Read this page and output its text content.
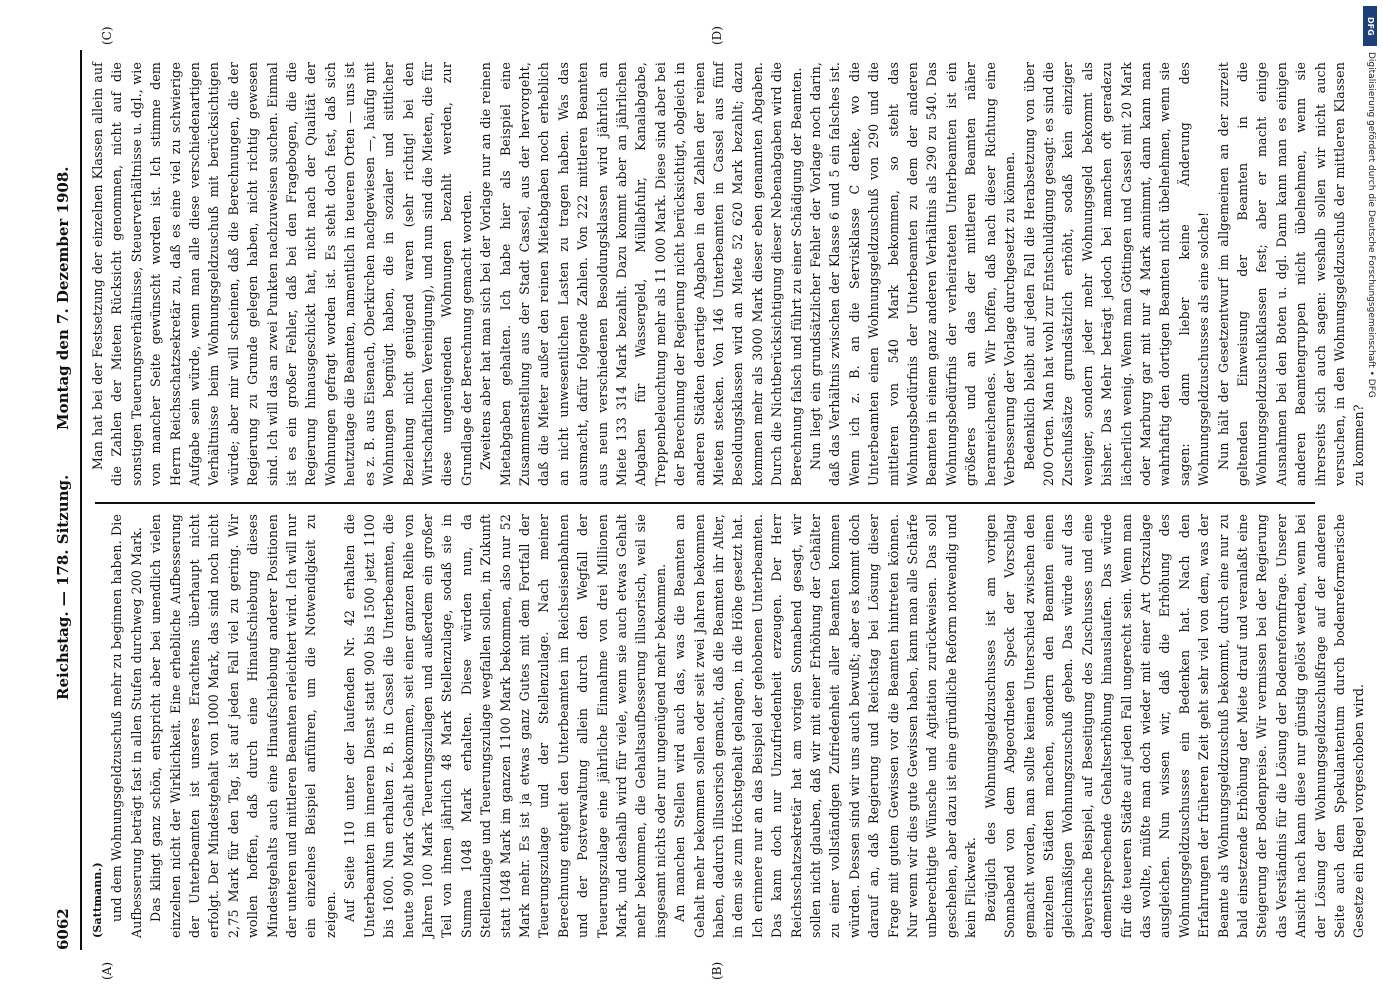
6062
Reichstag. — 178. Sitzung.
Montag den 7. Dezember 1908.
(A)	(B)
(C)	(D)

(Sattmann.) und dem Wohnungsgeldzuschuß mehr zu beginnen haben. Die Aufbesserung beträgt fast in allen Stufen durchweg 200 Mark. Das klingt ganz schön, entspricht aber bei unendlich vielen einzelnen nicht der Wirklichkeit. Eine erhebliche Aufbesserung der Unterbeamten ist unseres Erachtens überhaupt nicht erfolgt. Der Mindestgehalt von 1000 Mark, das sind noch nicht 2,75 Mark für den Tag, ist auf jeden Fall viel zu gering. Wir wollen hoffen, daß durch eine Hinaufschiebung dieses Mindestgehalts auch eine Hinaufschiebung anderer Positionen der unteren und mittleren Beamten erleichtert wird. Ich will nur ein einzelnes Beispiel anführen, um die Notwendigkeit zu zeigen. Auf Seite 110 unter der laufenden Nr. 42 erhalten die Unterbeamten im inneren Dienst statt 900 bis 1500 jetzt 1100 bis 1600. Nun erhalten z. B. in Cassel die Unterbeamten, die heute 900 Mark Gehalt bekommen, seit einer ganzen Reihe von Jahren 100 Mark Teuerungszulagen und außerdem ein großer Teil von ihnen jährlich 48 Mark Stellenzulage, sodaß sie in Summa 1048 Mark erhalten. Diese würden nun, da Stellenzulage und Teuerungszulage wegfallen sollen, in Zukunft statt 1048 Mark im ganzen 1100 Mark bekommen, also nur 52 Mark mehr. Es ist ja etwas ganz Gutes mit dem Fortfall der Teuerungszulage und der Stellenzulage. Nach meiner Berechnung entgeht den Unterbeamten im Reichseisenbahnen und der Postverwaltung allein durch den Wegfall der Teuerungszulage eine jährliche Einnahme von drei Millionen Mark, und deshalb wird für viele, wenn sie auch etwas Gehalt mehr bekommen, die Gehaltsaufbesserung illusorisch, weil sie insgesamt nichts oder nur ungenügend mehr bekommen. An manchen Stellen wird auch das, was die Beamten an Gehalt mehr bekommen sollen oder seit zwei Jahren bekommen haben, dadurch illusorisch gemacht, daß die Beamten ihr Alter, in dem sie zum Höchstgehalt gelangen, in die Höhe gesetzt hat. Ich erinnere nur an das Beispiel der gehobenen Unterbeamten. Das kann doch nur Unzufriedenheit erzeugen. Der Herr Reichsschatzsekretär hat am vorigen Sonnabend gesagt, wir sollen nicht glauben, daß wir mit einer Erhöhung der Gehälter zu einer vollständigen Zufriedenheit aller Beamten kommen würden. Dessen sind wir uns auch bewußt; aber es kommt doch darauf an, daß Regierung und Reichstag bei Lösung dieser Frage mit gutem Gewissen vor die Beamten hintreten können. Nur wenn wir dies gute Gewissen haben, kann man alle Schärfe unberechtigte Wünsche und Agitation zurückweisen. Das soll geschehen, aber dazu ist eine gründliche Reform notwendig und kein Flickwerk. Bezüglich des Wohnungsgeldzuschusses ist am vorigen Sonnabend von dem Abgeordneten Speck der Vorschlag gemacht worden, man sollte keinen Unterschied zwischen den einzelnen Städten machen, sondern den Beamten einen gleichmäßigen Wohnungszuschuß geben. Das würde auf das bayerische Beispiel, auf Beseitigung des Zuschusses und eine dementsprechende Gehaltserhöhung hinauslaufen. Das würde für die teueren Städte auf jeden Fall ungerecht sein. Wenn man das wollte, müßte man doch wieder mit einer Art Ortszulage ausgleichen. Nun wissen wir, daß die Erhöhung des Wohnungsgeldzuschusses ein Bedenken hat. Nach den Erfahrungen der früheren Zeit geht sehr viel von dem, was der Beamte als Wohnungsgeldzuschuß bekommt, durch eine nur zu bald einsetzende Erhöhung der Miete drauf und veranlaßt eine Steigerung der Bodenpreise. Wir vermissen bei der Regierung das Verständnis für die Lösung der Bodenreformfrage. Unserer Ansicht nach kann diese nur günstig gelöst werden, wenn bei der Lösung der Wohnungsgeldzuschußfrage auf der anderen Seite auch dem Spekulantentum durch bodenreformerische Gesetze ein Riegel vorgeschoben wird.

Man hat bei der Festsetzung der einzelnen Klassen allein auf die Zahlen der Mieten Rücksicht genommen, nicht auf die sonstigen Teuerungsverhältnisse, Steuerverhältnisse u. dgl., wie von mancher Seite gewünscht worden ist. Ich stimme dem Herrn Reichsschatzsekretär zu, daß es eine viel zu schwierige Aufgabe sein würde, wenn man alle diese verschiedenartigen Verhältnisse beim Wohnungsgeldzuschuß mit berücksichtigen würde; aber mir will scheinen, daß die Berechnungen, die der Regierung zu Grunde gelegen haben, nicht richtig gewesen sind. Ich will das an zwei Punkten nachzuweisen suchen. Einmal ist es ein großer Fehler, daß bei den Fragebogen, die die Regierung hinausgeschickt hat, nicht nach der Qualität der Wohnungen gefragt worden ist. Es steht doch fest, daß sich heutzutage die Beamten, namentlich in teueren Orten — uns ist es z. B. aus Eisenach, Oberkirchen nachgewiesen —, häufig mit Wohnungen begnügt haben, die in sozialer und sittlicher Beziehung nicht genügend waren (sehr richtig! bei den Wirtschaftlichen Vereinigung), und nun sind die Mieten, die für diese ungenügenden Wohnungen bezahlt werden, zur Grundlage der Berechnung gemacht worden. Zweitens aber hat man sich bei der Vorlage nur an die reinen Mietabgaben gehalten. Ich habe hier als Beispiel eine Zusammenstellung aus der Stadt Cassel, aus der hervorgeht, daß die Mieter außer den reinen Mietabgaben noch erheblich an nicht unwesentlichen Lasten zu tragen haben. Was das ausmacht, dafür folgende Zahlen. Von 222 mittleren Beamten aus neun verschiedenen Besoldungsklassen wird jährlich an Miete 133 314 Mark bezahlt. Dazu kommt aber an jährlichen Abgaben für Wassergeld, Müllabfuhr, Kanalabgabe, Treppenbeleuchtung mehr als 11 000 Mark. Diese sind aber bei der Berechnung der Regierung nicht berücksichtigt, obgleich in anderen Städten derartige Abgaben in den Zahlen der reinen Mieten stecken. Von 146 Unterbeamten in Cassel aus fünf Besoldungsklassen wird an Miete 52 620 Mark bezahlt; dazu kommen mehr als 3000 Mark dieser eben genannten Abgaben. Durch die Nichtberücksichtigung dieser Nebenabgaben wird die Berechnung falsch und führt zu einer Schädigung der Beamten. Nun liegt ein grundsätzlicher Fehler der Vorlage noch darin, daß das Verhältnis zwischen der Klasse 6 und 5 ein falsches ist. Wenn ich z. B. an die Servisklasse C denke, wo die Unterbeamten einen Wohnungsgeldzuschuß von 290 und die mittleren von 540 Mark bekommen, so steht das Wohnungsbedürfnis der Unterbeamten zu dem der anderen Beamten in einem ganz anderen Verhältnis als 290 zu 540. Das Wohnungsbedürfnis der verheirateten Unterbeamten ist ein größeres und an das der mittleren Beamten näher heranreichendes. Wir hoffen, daß nach dieser Richtung eine Verbesserung der Vorlage durchgesetzt zu können. Bedenklich bleibt auf jeden Fall die Herabsetzung von über 200 Orten. Man hat wohl zur Entschuldigung gesagt: es sind die Zuschußsätze grundsätzlich erhöht, sodaß kein einziger weniger, sondern jeder mehr Wohnungsgeld bekommt als bisher. Das Mehr beträgt jedoch bei manchen oft geradezu lächerlich wenig. Wenn man Göttingen und Cassel mit 20 Mark oder Marburg gar mit nur 4 Mark annimmt, dann kann man wahrhaftig den dortigen Beamten nicht übelnehmen, wenn sie sagen: dann lieber keine Änderung des Wohnungsgeldzuschusses als eine solche! Nun hält der Gesetzentwurf im allgemeinen an der zurzeit geltenden Einweisung der Beamten in die Wohnungsgeldzuschußklassen fest; aber er macht einige Ausnahmen bei den Boten u. dgl. Dann kann man es einigen anderen Beamtengruppen nicht übelnehmen, wenn sie ihrerseits sich auch sagen: weshalb sollen wir nicht auch versuchen, in den Wohnungsgeldzuschuß der mittleren Klassen zu kommen?

DFG
Digitalisierung gefördert durch die Deutsche Forschungsgemeinschaft • DFG
